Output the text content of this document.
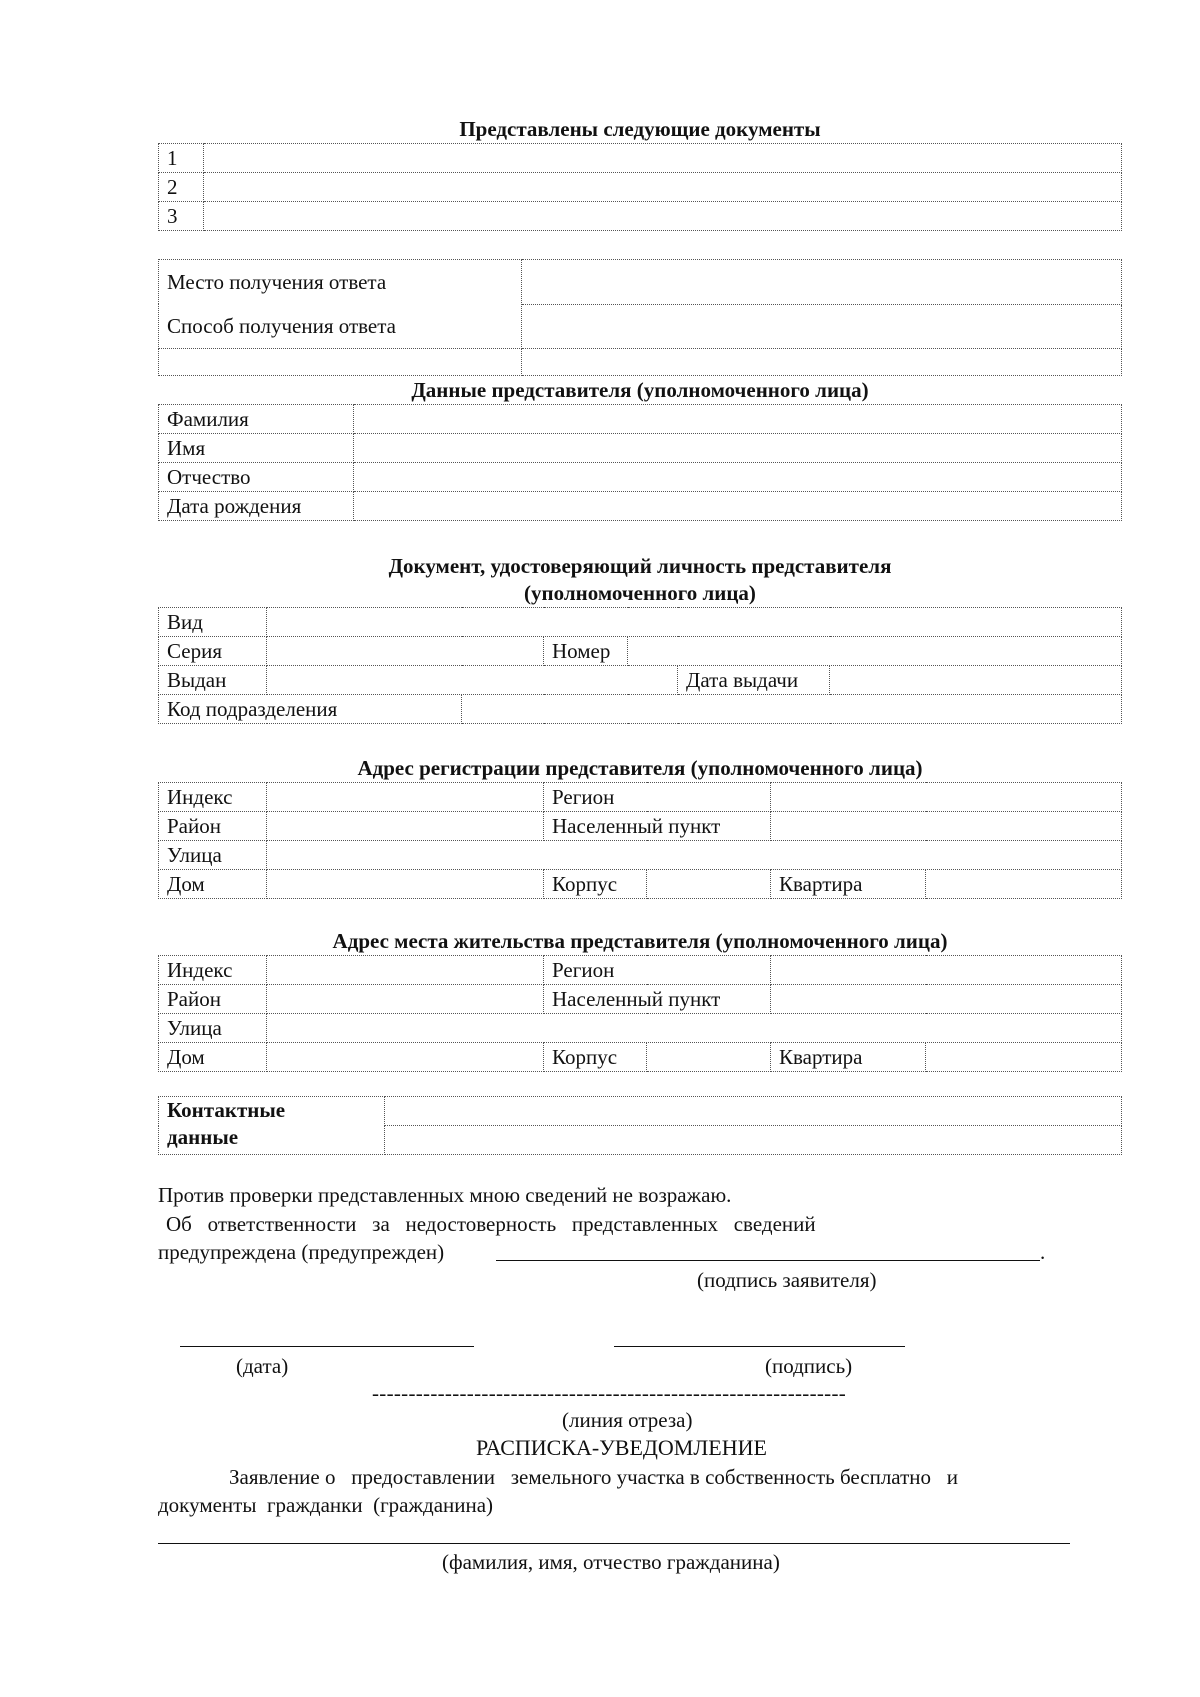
Представлены следующие документы
1	
2	
3	
Место получения ответа
Способ получения ответа	

Данные представителя (уполномоченного лица)
Фамилия	
Имя	
Отчество	
Дата рождения	
Документ, удостоверяющий личность представителя
(уполномоченного лица)
Вид						
Серия			Номер			
Выдан					Дата выдачи	
Код подразделения						
Адрес регистрации представителя (уполномоченного лица)
Индекс		Регион			
Район		Населенный пункт			
Улица					
Дом		Корпус		Квартира	
Адрес места жительства представителя (уполномоченного лица)
Индекс		Регион			
Район		Населенный пункт			
Улица					
Дом		Корпус		Квартира	
Контактные
данные

Против проверки представленных мною сведений не возражаю.
Об   ответственности   за   недостоверность   представленных   сведений
предупреждена (предупрежден)	.
(подпись заявителя)
(дата)	(подпись)
-----------------------------------------------------------------
(линия отреза)
РАСПИСКА-УВЕДОМЛЕНИЕ
Заявление о   предоставлении   земельного участка в собственность бесплатно   и
документы  гражданки  (гражданина)
(фамилия, имя, отчество гражданина)
